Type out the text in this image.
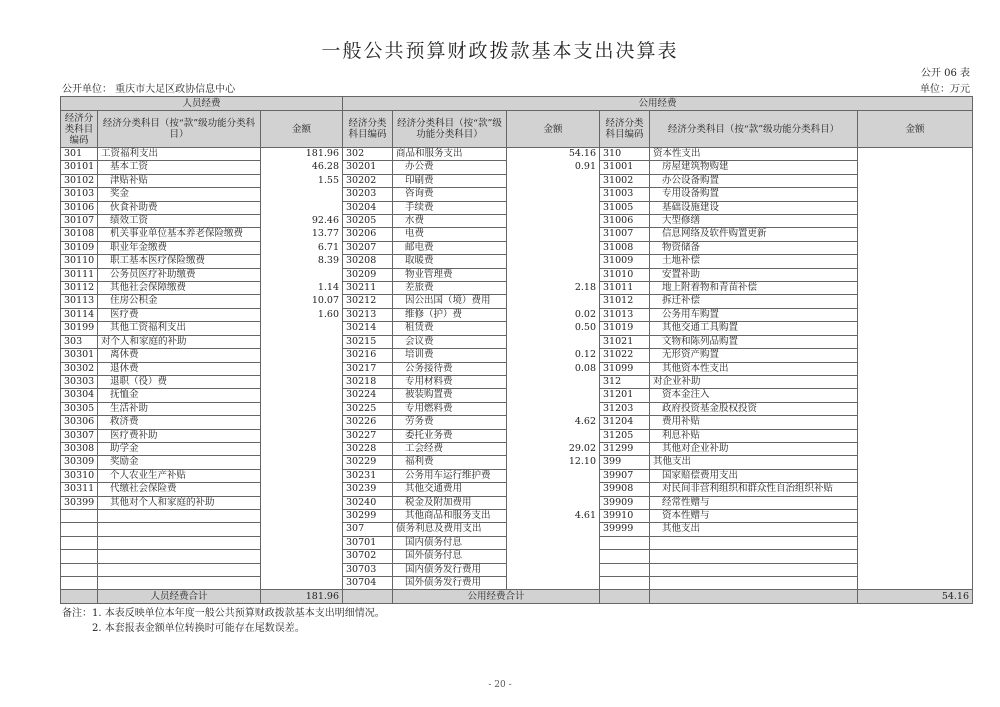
一般公共预算财政拨款基本支出决算表
公开 06 表
公开单位： 重庆市大足区政协信息中心	单位：万元
人员经费			公用经费					
经济分类科目编码	经济分类科目（按“款”级功能分类科目）	金额	经济分类科目编码	经济分类科目（按“款”级功能分类科目）	金额	经济分类科目编码	经济分类科目（按“款”级功能分类科目）	金额
301	工资福利支出	181.96	302	商品和服务支出	54.16	310	资本性支出	
30101	基本工资	46.28	30201	办公费	0.91	31001	房屋建筑物购建	
30102	津贴补贴	1.55	30202	印刷费		31002	办公设备购置	
30103	奖金		30203	咨询费		31003	专用设备购置	
30106	伙食补助费		30204	手续费		31005	基础设施建设	
30107	绩效工资	92.46	30205	水费		31006	大型修缮	
30108	机关事业单位基本养老保险缴费	13.77	30206	电费		31007	信息网络及软件购置更新	
30109	职业年金缴费	6.71	30207	邮电费		31008	物资储备	
30110	职工基本医疗保险缴费	8.39	30208	取暖费		31009	土地补偿	
30111	公务员医疗补助缴费		30209	物业管理费		31010	安置补助	
30112	其他社会保障缴费	1.14	30211	差旅费	2.18	31011	地上附着物和青苗补偿	
30113	住房公积金	10.07	30212	因公出国（境）费用		31012	拆迁补偿	
30114	医疗费	1.60	30213	维修（护）费	0.02	31013	公务用车购置	
30199	其他工资福利支出		30214	租赁费	0.50	31019	其他交通工具购置	
303	对个人和家庭的补助		30215	会议费		31021	文物和陈列品购置	
30301	离休费		30216	培训费	0.12	31022	无形资产购置	
30302	退休费		30217	公务接待费	0.08	31099	其他资本性支出	
30303	退职（役）费		30218	专用材料费		312	对企业补助	
30304	抚恤金		30224	被装购置费		31201	资本金注入	
30305	生活补助		30225	专用燃料费		31203	政府投资基金股权投资	
30306	救济费		30226	劳务费	4.62	31204	费用补贴	
30307	医疗费补助		30227	委托业务费		31205	利息补贴	
30308	助学金		30228	工会经费	29.02	31299	其他对企业补助	
30309	奖励金		30229	福利费	12.10	399	其他支出	
30310	个人农业生产补贴		30231	公务用车运行维护费		39907	国家赔偿费用支出	
30311	代缴社会保险费		30239	其他交通费用		39908	对民间非营利组织和群众性自治组织补贴	
30399	其他对个人和家庭的补助		30240	税金及附加费用		39909	经常性赠与	
			30299	其他商品和服务支出	4.61	39910	资本性赠与	
			307	债务利息及费用支出		39999	其他支出	
			30701	国内债务付息				
			30702	国外债务付息				
			30703	国内债务发行费用				
			30704	国外债务发行费用				
	人员经费合计	181.96		公用经费合计				54.16
备注：1. 本表反映单位本年度一般公共预算财政拨款基本支出明细情况。
　　　2. 本套报表金额单位转换时可能存在尾数误差。
- 20 -
